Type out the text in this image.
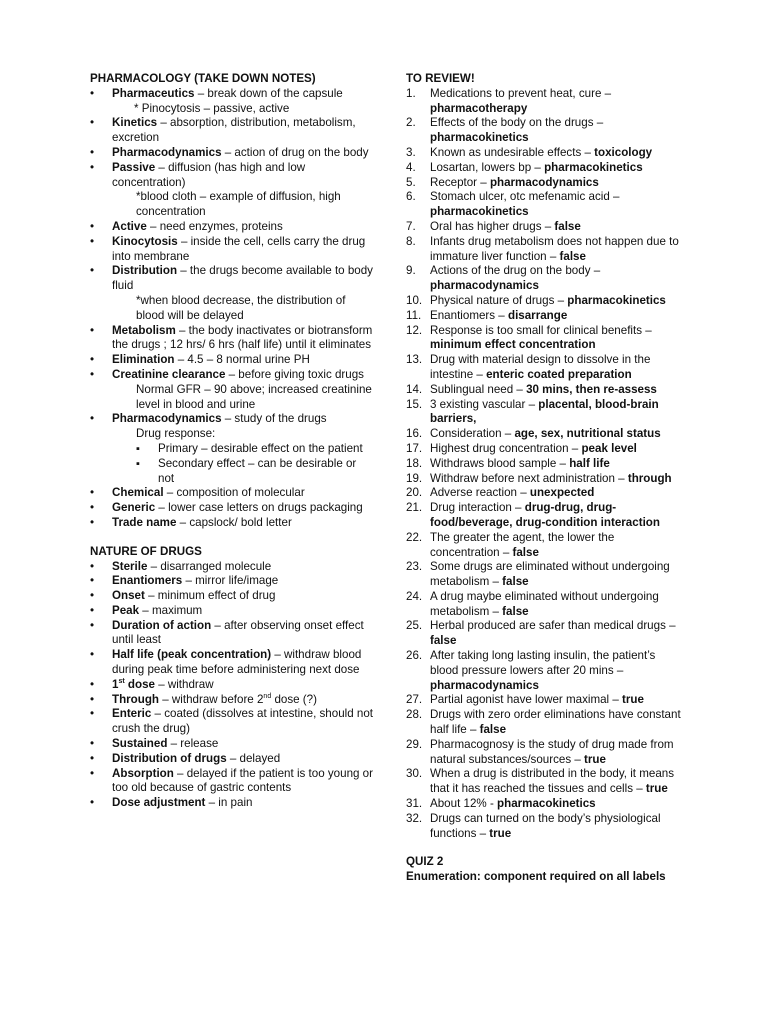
PHARMACOLOGY (TAKE DOWN NOTES)

• Pharmaceutics – break down of the capsule
* Pinocytosis – passive, active
• Kinetics – absorption, distribution, metabolism, excretion
• Pharmacodynamics – action of drug on the body
• Passive – diffusion (has high and low concentration)
*blood cloth – example of diffusion, high concentration
• Active – need enzymes, proteins
• Kinocytosis – inside the cell, cells carry the drug into membrane
• Distribution – the drugs become available to body fluid
*when blood decrease, the distribution of blood will be delayed
• Metabolism – the body inactivates or biotransform the drugs ; 12 hrs/ 6 hrs (half life) until it eliminates
• Elimination – 4.5 – 8 normal urine PH
• Creatinine clearance – before giving toxic drugs
Normal GFR – 90 above; increased creatinine level in blood and urine
• Pharmacodynamics – study of the drugs
Drug response:
▪ Primary – desirable effect on the patient
▪ Secondary effect – can be desirable or not
• Chemical – composition of molecular
• Generic – lower case letters on drugs packaging
• Trade name – capslock/ bold letter

NATURE OF DRUGS

• Sterile – disarranged molecule
• Enantiomers – mirror life/image
• Onset – minimum effect of drug
• Peak – maximum
• Duration of action – after observing onset effect until least
• Half life (peak concentration) – withdraw blood during peak time before administering next dose
• 1st dose – withdraw
• Through – withdraw before 2nd dose (?)
• Enteric – coated (dissolves at intestine, should not crush the drug)
• Sustained – release
• Distribution of drugs – delayed
• Absorption – delayed if the patient is too young or too old because of gastric contents
• Dose adjustment – in pain

TO REVIEW!

1.	Medications to prevent heat, cure – pharmacotherapy
2.	Effects of the body on the drugs – pharmacokinetics
3.	Known as undesirable effects – toxicology
4.	Losartan, lowers bp – pharmacokinetics
5.	Receptor – pharmacodynamics
6.	Stomach ulcer, otc mefenamic acid – pharmacokinetics
7.	Oral has higher drugs – false
8.	Infants drug metabolism does not happen due to immature liver function – false
9.	Actions of the drug on the body – pharmacodynamics
10. Physical nature of drugs – pharmacokinetics
11. Enantiomers – disarrange
12. Response is too small for clinical benefits – minimum effect concentration
13. Drug with material design to dissolve in the intestine – enteric coated preparation
14. Sublingual need – 30 mins, then re-assess
15. 3 existing vascular – placental, blood-brain barriers,
16. Consideration – age, sex, nutritional status
17. Highest drug concentration – peak level
18. Withdraws blood sample – half life
19. Withdraw before next administration – through
20. Adverse reaction – unexpected
21. Drug interaction – drug-drug, drug-food/beverage, drug-condition interaction
22. The greater the agent, the lower the concentration – false
23. Some drugs are eliminated without undergoing metabolism – false
24. A drug maybe eliminated without undergoing metabolism – false
25. Herbal produced are safer than medical drugs – false
26. After taking long lasting insulin, the patient’s blood pressure lowers after 20 mins – pharmacodynamics
27. Partial agonist have lower maximal – true
28. Drugs with zero order eliminations have constant half life – false
29. Pharmacognosy is the study of drug made from natural substances/sources – true
30. When a drug is distributed in the body, it means that it has reached the tissues and cells – true
31. About 12% - pharmacokinetics
32. Drugs can turned on the body’s physiological functions – true

QUIZ 2

Enumeration: component required on all labels
